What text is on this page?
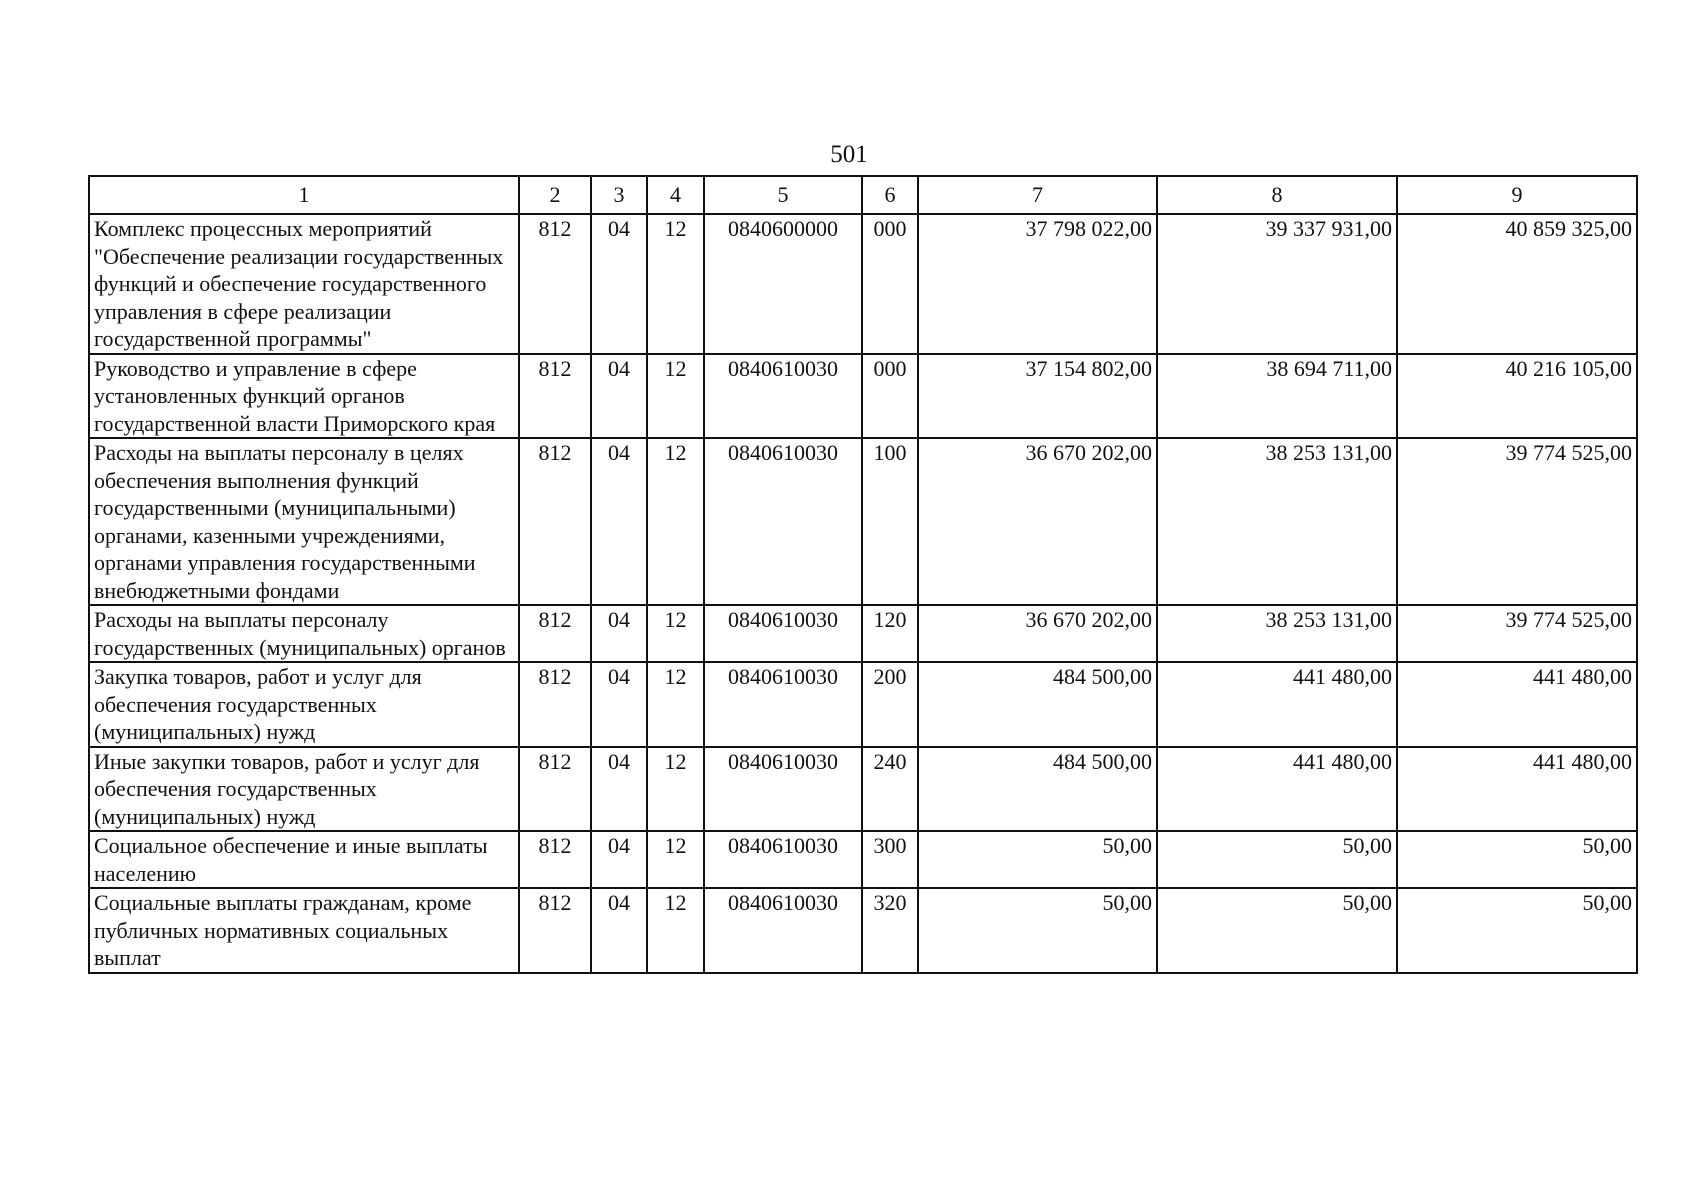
501
1	2	3	4	5	6	7	8	9
Комплекс процессных мероприятий "Обеспечение реализации государственных функций и обеспечение государственного управления в сфере реализации государственной программы"	812	04	12	0840600000	000	37 798 022,00	39 337 931,00	40 859 325,00
Руководство и управление в сфере установленных функций органов государственной власти Приморского края	812	04	12	0840610030	000	37 154 802,00	38 694 711,00	40 216 105,00
Расходы на выплаты персоналу в целях обеспечения выполнения функций государственными (муниципальными) органами, казенными учреждениями, органами управления государственными внебюджетными фондами	812	04	12	0840610030	100	36 670 202,00	38 253 131,00	39 774 525,00
Расходы на выплаты персоналу государственных (муниципальных) органов	812	04	12	0840610030	120	36 670 202,00	38 253 131,00	39 774 525,00
Закупка товаров, работ и услуг для обеспечения государственных (муниципальных) нужд	812	04	12	0840610030	200	484 500,00	441 480,00	441 480,00
Иные закупки товаров, работ и услуг для обеспечения государственных (муниципальных) нужд	812	04	12	0840610030	240	484 500,00	441 480,00	441 480,00
Социальное обеспечение и иные выплаты населению	812	04	12	0840610030	300	50,00	50,00	50,00
Социальные выплаты гражданам, кроме публичных нормативных социальных выплат	812	04	12	0840610030	320	50,00	50,00	50,00
